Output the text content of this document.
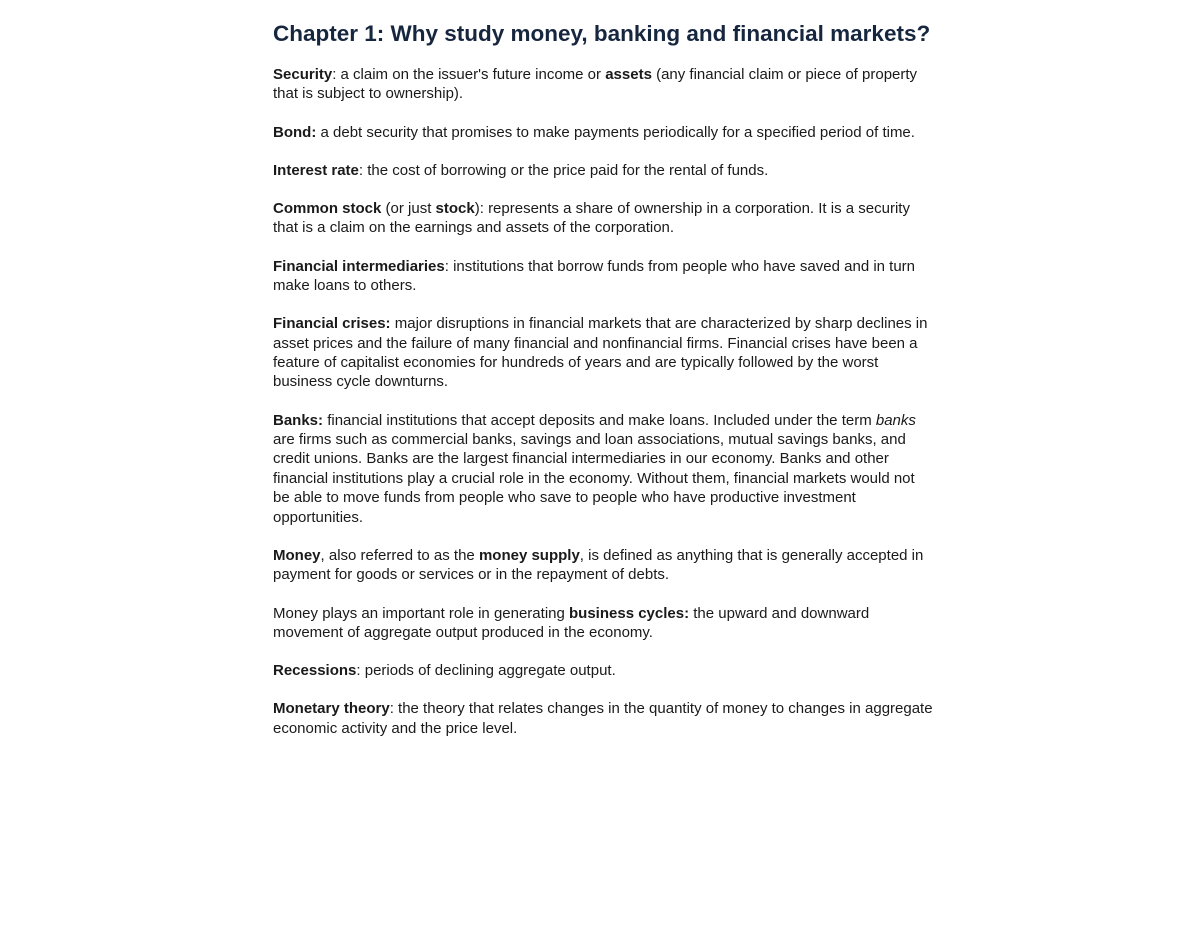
Chapter 1: Why study money, banking and financial markets?

Security: a claim on the issuer's future income or assets (any financial claim or piece of property that is subject to ownership).

Bond: a debt security that promises to make payments periodically for a specified period of time.

Interest rate: the cost of borrowing or the price paid for the rental of funds.

Common stock (or just stock): represents a share of ownership in a corporation. It is a security that is a claim on the earnings and assets of the corporation.

Financial intermediaries: institutions that borrow funds from people who have saved and in turn make loans to others.

Financial crises: major disruptions in financial markets that are characterized by sharp declines in asset prices and the failure of many financial and nonfinancial firms. Financial crises have been a feature of capitalist economies for hundreds of years and are typically followed by the worst business cycle downturns.

Banks: financial institutions that accept deposits and make loans. Included under the term banks are firms such as commercial banks, savings and loan associations, mutual savings banks, and credit unions. Banks are the largest financial intermediaries in our economy. Banks and other financial institutions play a crucial role in the economy. Without them, financial markets would not be able to move funds from people who save to people who have productive investment opportunities.

Money, also referred to as the money supply, is defined as anything that is generally accepted in payment for goods or services or in the repayment of debts.

Money plays an important role in generating business cycles: the upward and downward movement of aggregate output produced in the economy.

Recessions: periods of declining aggregate output.

Monetary theory: the theory that relates changes in the quantity of money to changes in aggregate economic activity and the price level.
